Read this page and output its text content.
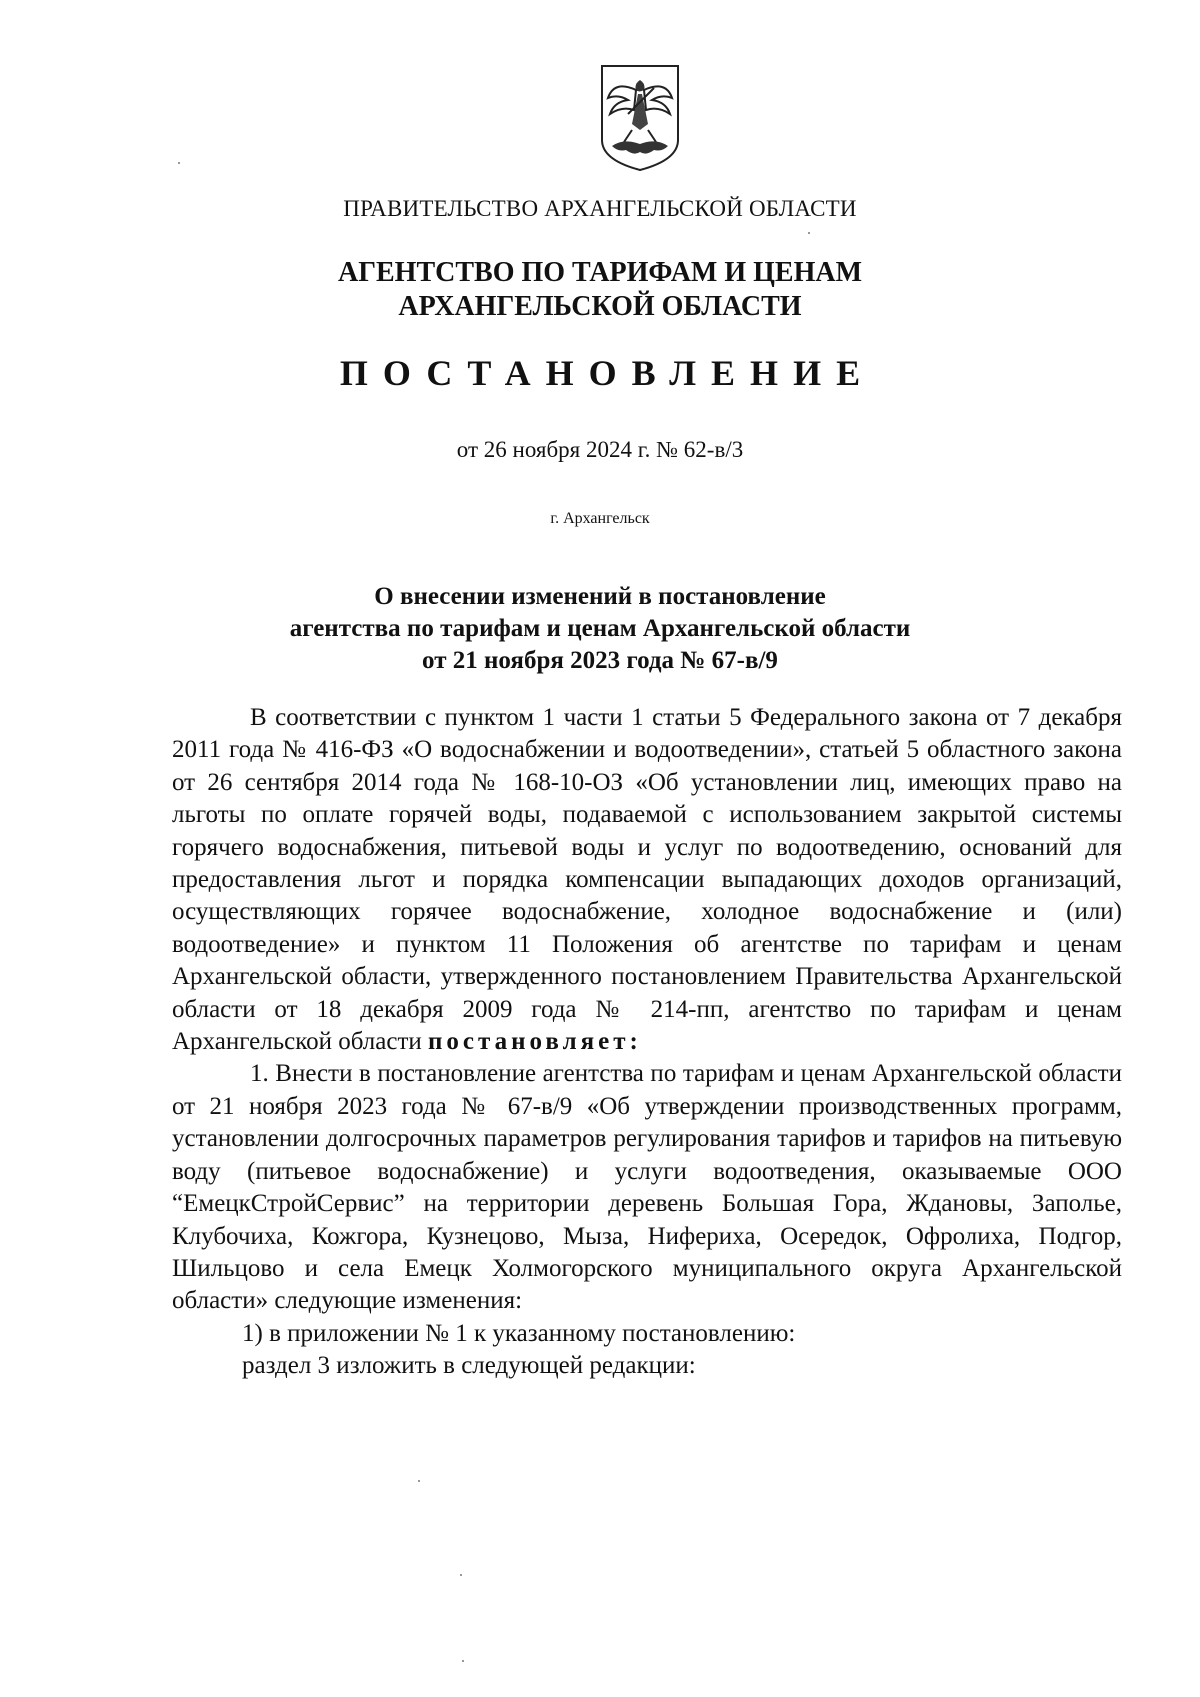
ПРАВИТЕЛЬСТВО АРХАНГЕЛЬСКОЙ ОБЛАСТИ
АГЕНТСТВО ПО ТАРИФАМ И ЦЕНАМ
АРХАНГЕЛЬСКОЙ ОБЛАСТИ
ПОСТАНОВЛЕНИЕ
от 26 ноября 2024 г. № 62-в/3
г. Архангельск
О внесении изменений в постановление
агентства по тарифам и ценам Архангельской области
от 21 ноября 2023 года № 67-в/9

В соответствии с пунктом 1 части 1 статьи 5 Федерального закона от 7 декабря 2011 года № 416-ФЗ «О водоснабжении и водоотведении», статьей 5 областного закона от 26 сентября 2014 года № 168-10-ОЗ «Об установлении лиц, имеющих право на льготы по оплате горячей воды, подаваемой с использованием закрытой системы горячего водоснабжения, питьевой воды и услуг по водоотведению, оснований для предоставления льгот и порядка компенсации выпадающих доходов организаций, осуществляющих горячее водоснабжение, холодное водоснабжение и (или) водоотведение» и пунктом 11 Положения об агентстве по тарифам и ценам Архангельской области, утвержденного постановлением Правительства Архангельской области от 18 декабря 2009 года № 214-пп, агентство по тарифам и ценам Архангельской области постановляет:

1. Внести в постановление агентства по тарифам и ценам Архангельской области от 21 ноября 2023 года № 67-в/9 «Об утверждении производственных программ, установлении долгосрочных параметров регулирования тарифов и тарифов на питьевую воду (питьевое водоснабжение) и услуги водоотведения, оказываемые ООО “ЕмецкСтройСервис” на территории деревень Большая Гора, Ждановы, Заполье, Клубочиха, Кожгора, Кузнецово, Мыза, Нифериха, Осередок, Офролиха, Подгор, Шильцово и села Емецк Холмогорского муниципального округа Архангельской области» следующие изменения:

1) в приложении № 1 к указанному постановлению:

раздел 3 изложить в следующей редакции:
